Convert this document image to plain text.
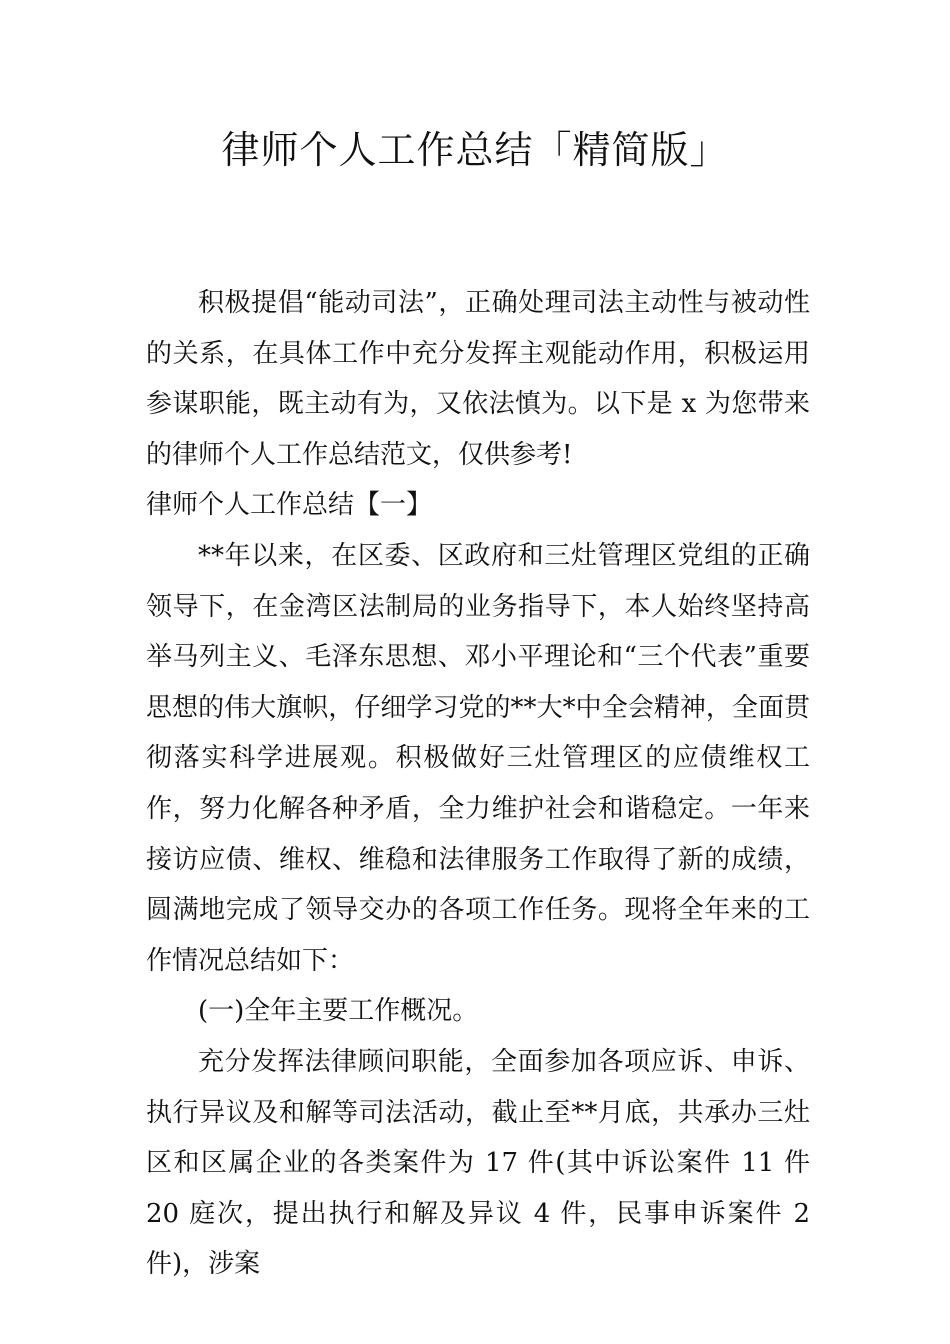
律师个人工作总结「精简版」

积极提倡“能动司法”，正确处理司法主动性与被动性的关系，在具体工作中充分发挥主观能动作用，积极运用参谋职能，既主动有为，又依法慎为。以下是 x 为您带来的律师个人工作总结范文，仅供参考!

律师个人工作总结【一】

**年以来，在区委、区政府和三灶管理区党组的正确领导下，在金湾区法制局的业务指导下，本人始终坚持高举马列主义、毛泽东思想、邓小平理论和“三个代表”重要思想的伟大旗帜，仔细学习党的**大*中全会精神，全面贯彻落实科学进展观。积极做好三灶管理区的应债维权工作，努力化解各种矛盾，全力维护社会和谐稳定。一年来接访应债、维权、维稳和法律服务工作取得了新的成绩，圆满地完成了领导交办的各项工作任务。现将全年来的工作情况总结如下：

(一)全年主要工作概况。

充分发挥法律顾问职能，全面参加各项应诉、申诉、执行异议及和解等司法活动，截止至**月底，共承办三灶区和区属企业的各类案件为 17 件(其中诉讼案件 11 件 20 庭次，提出执行和解及异议 4 件，民事申诉案件 2 件)，涉案
